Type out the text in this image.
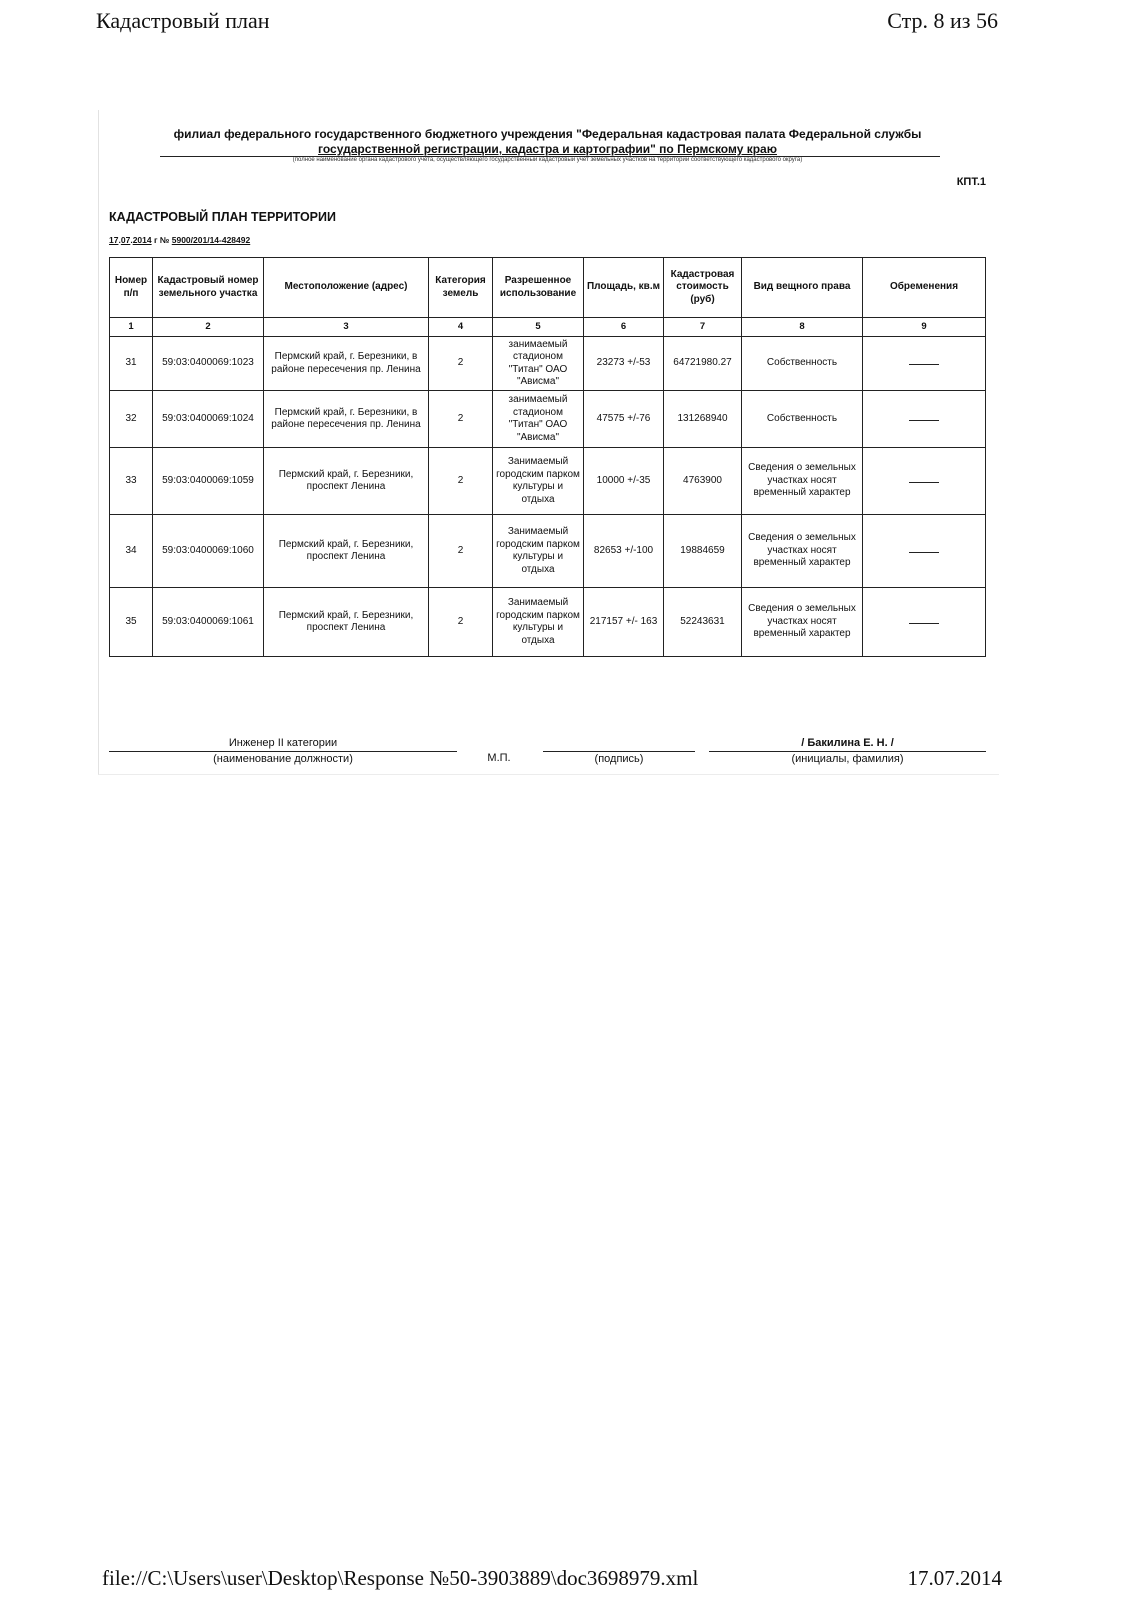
Кадастровый план	Стр. 8 из 56
филиал федерального государственного бюджетного учреждения "Федеральная кадастровая палата Федеральной службы
государственной регистрации, кадастра и картографии" по Пермскому краю
(полное наименование органа кадастрового учета, осуществляющего государственный кадастровый учет земельных участков на территории соответствующего кадастрового округа)
КПТ.1
КАДАСТРОВЫЙ ПЛАН ТЕРРИТОРИИ
17.07.2014 г № 5900/201/14-428492
Номер п/п	Кадастровый номер земельного участка	Местоположение (адрес)	Категория земель	Разрешенное использование	Площадь, кв.м	Кадастровая стоимость (руб)	Вид вещного права	Обременения
1	2	3	4	5	6	7	8	9
31	59:03:0400069:1023	Пермский край, г. Березники, в районе пересечения пр. Ленина	2	занимаемый стадионом "Титан" ОАО "Ависма"	23273 +/-53	64721980.27	Собственность	
32	59:03:0400069:1024	Пермский край, г. Березники, в районе пересечения пр. Ленина	2	занимаемый стадионом "Титан" ОАО "Ависма"	47575 +/-76	131268940	Собственность	
33	59:03:0400069:1059	Пермский край, г. Березники, проспект Ленина	2	Занимаемый городским парком культуры и отдыха	10000 +/-35	4763900	Сведения о земельных участках носят временный характер	
34	59:03:0400069:1060	Пермский край, г. Березники, проспект Ленина	2	Занимаемый городским парком культуры и отдыха	82653 +/-100	19884659	Сведения о земельных участках носят временный характер	
35	59:03:0400069:1061	Пермский край, г. Березники, проспект Ленина	2	Занимаемый городским парком культуры и отдыха	217157 +/- 163	52243631	Сведения о земельных участках носят временный характер	
Инженер II категории
(наименование должности)	М.П.	(подпись)
/ Бакилина Е. Н. /
(инициалы, фамилия)
file://C:\Users\user\Desktop\Response №50-3903889\doc3698979.xml	17.07.2014
